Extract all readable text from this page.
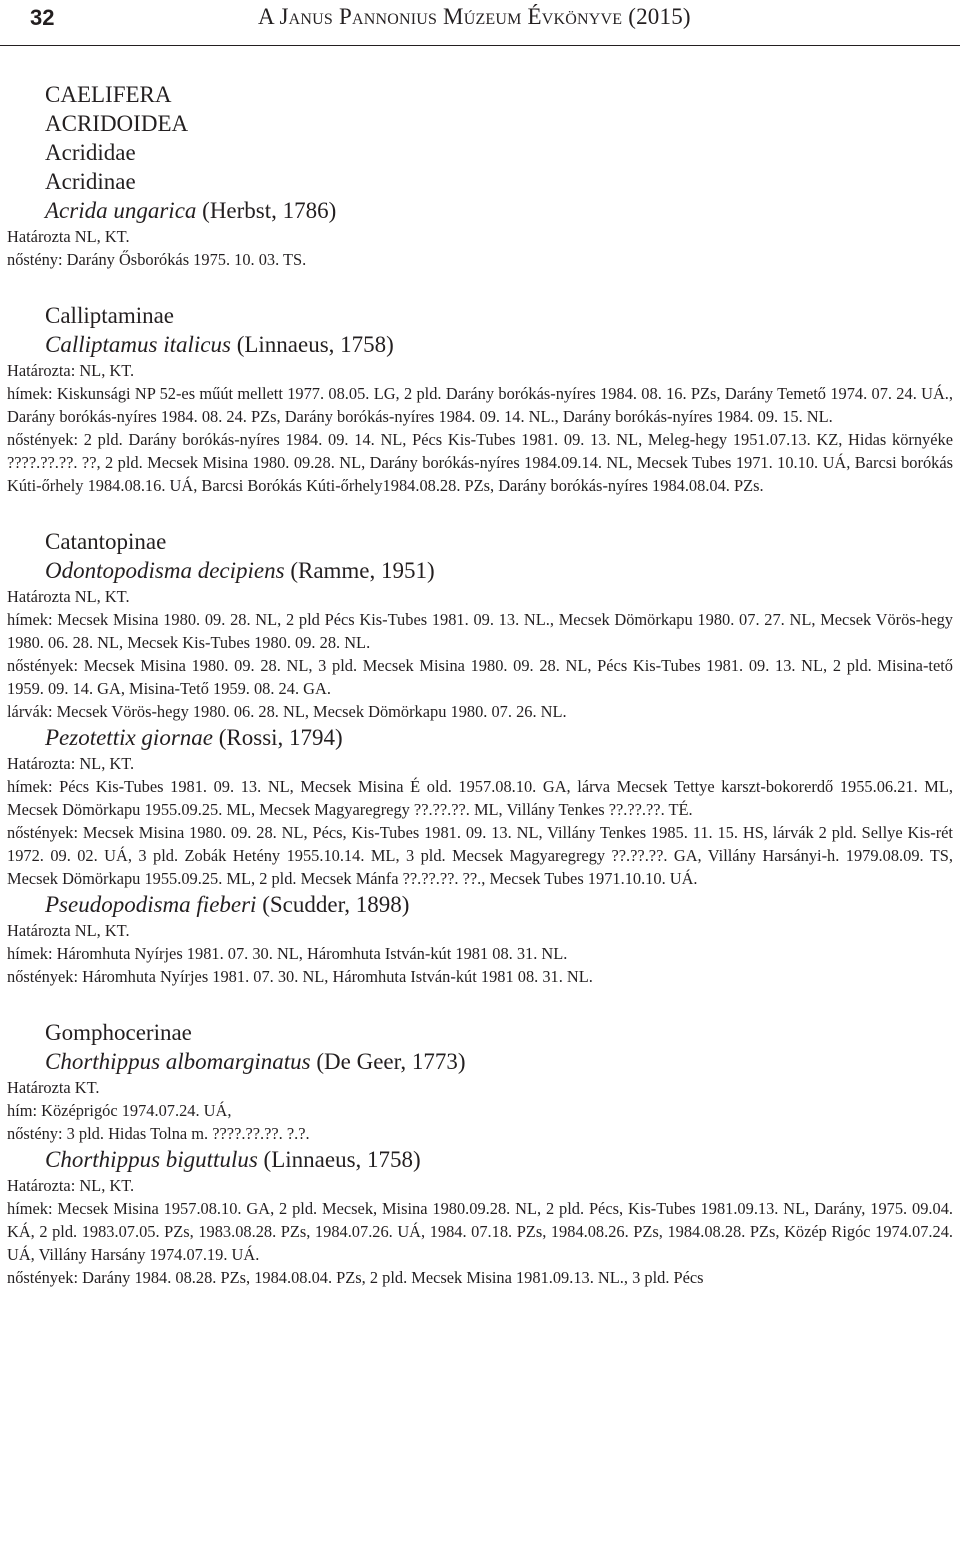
32	A Janus Pannonius Múzeum Évkönyve (2015)
CAELIFERA
ACRIDOIDEA
Acrididae
Acridinae
Acrida ungarica (Herbst, 1786)
Határozta NL, KT.
nőstény: Darány Ősborókás 1975. 10. 03. TS.
Calliptaminae
Calliptamus italicus (Linnaeus, 1758)
Határozta: NL, KT.
hímek: Kiskunsági NP 52-es műút mellett 1977. 08.05. LG, 2 pld. Darány borókás-nyíres 1984. 08. 16. PZs, Darány Temető 1974. 07. 24. UÁ., Darány borókás-nyíres 1984. 08. 24. PZs, Darány borókás-nyíres 1984. 09. 14. NL., Darány borókás-nyíres 1984. 09. 15. NL.
nőstények: 2 pld. Darány borókás-nyíres 1984. 09. 14. NL, Pécs Kis-Tubes 1981. 09. 13. NL, Meleg-hegy 1951.07.13. KZ, Hidas környéke ????.??.??. ??, 2 pld. Mecsek Misina 1980. 09.28. NL, Darány borókás-nyíres 1984.09.14. NL, Mecsek Tubes 1971. 10.10. UÁ, Barcsi borókás Kúti-őrhely 1984.08.16. UÁ, Barcsi Borókás Kúti-őrhely1984.08.28. PZs, Darány borókás-nyíres 1984.08.04. PZs.
Catantopinae
Odontopodisma decipiens (Ramme, 1951)
Határozta NL, KT.
hímek: Mecsek Misina 1980. 09. 28. NL, 2 pld Pécs Kis-Tubes 1981. 09. 13. NL., Mecsek Dömörkapu 1980. 07. 27. NL, Mecsek Vörös-hegy 1980. 06. 28. NL, Mecsek Kis-Tubes 1980. 09. 28. NL.
nőstények: Mecsek Misina 1980. 09. 28. NL, 3 pld. Mecsek Misina 1980. 09. 28. NL, Pécs Kis-Tubes 1981. 09. 13. NL, 2 pld. Misina-tető 1959. 09. 14. GA, Misina-Tető 1959. 08. 24. GA.
lárvák: Mecsek Vörös-hegy 1980. 06. 28. NL, Mecsek Dömörkapu 1980. 07. 26. NL.
Pezotettix giornae (Rossi, 1794)
Határozta: NL, KT.
hímek: Pécs Kis-Tubes 1981. 09. 13. NL, Mecsek Misina É old. 1957.08.10. GA, lárva Mecsek Tettye karszt-bokorerdő 1955.06.21. ML, Mecsek Dömörkapu 1955.09.25. ML, Mecsek Magyaregregy ??.??.??. ML, Villány Tenkes ??.??.??. TÉ.
nőstények: Mecsek Misina 1980. 09. 28. NL, Pécs, Kis-Tubes 1981. 09. 13. NL, Villány Tenkes 1985. 11. 15. HS, lárvák 2 pld. Sellye Kis-rét 1972. 09. 02. UÁ, 3 pld. Zobák Hetény 1955.10.14. ML, 3 pld. Mecsek Magyaregregy ??.??.??. GA, Villány Harsányi-h. 1979.08.09. TS, Mecsek Dömörkapu 1955.09.25. ML, 2 pld. Mecsek Mánfa ??.??.??. ??., Mecsek Tubes 1971.10.10. UÁ.
Pseudopodisma fieberi (Scudder, 1898)
Határozta NL, KT.
hímek: Háromhuta Nyírjes 1981. 07. 30. NL, Háromhuta István-kút 1981 08. 31. NL.
nőstények: Háromhuta Nyírjes 1981. 07. 30. NL, Háromhuta István-kút 1981 08. 31. NL.
Gomphocerinae
Chorthippus albomarginatus (De Geer, 1773)
Határozta KT.
hím: Középrigóc 1974.07.24. UÁ,
nőstény: 3 pld. Hidas Tolna m. ????.??.??. ?.?.
Chorthippus biguttulus (Linnaeus, 1758)
Határozta: NL, KT.
hímek: Mecsek Misina 1957.08.10. GA, 2 pld. Mecsek, Misina 1980.09.28. NL, 2 pld. Pécs, Kis-Tubes 1981.09.13. NL, Darány, 1975. 09.04. KÁ, 2 pld. 1983.07.05. PZs, 1983.08.28. PZs, 1984.07.26. UÁ, 1984. 07.18. PZs, 1984.08.26. PZs, 1984.08.28. PZs, Közép Rigóc 1974.07.24. UÁ, Villány Harsány 1974.07.19. UÁ.
nőstények: Darány 1984. 08.28. PZs, 1984.08.04. PZs, 2 pld. Mecsek Misina 1981.09.13. NL., 3 pld. Pécs
